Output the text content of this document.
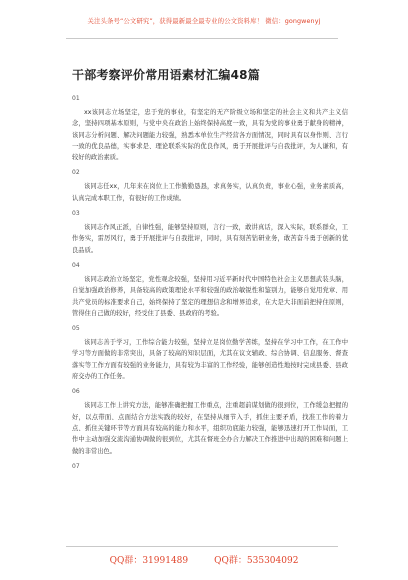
关注头条号“公文研究”，获得最新最全最专业的公文资料库！ 微信：gongwenyj
干部考察评价常用语素材汇编48篇
01

xx该同志立场坚定，忠于党的事业，有坚定的无产阶级立场和坚定的社会主义和共产主义信念，坚持四项基本原则，与党中央在政治上始终保持高度一致，具有为党的事业勇于献身的精神，该同志分析问题、解决问题能力较强，熟悉本单位生产经营各方面情况，同时具有以身作则、言行一致的优良品德，实事求是、理论联系实际的优良作风，勇于开展批评与自我批评，为人谦和，有较好的政治素质。

02

该同志任xx，几年来在岗位上工作勤勤恳恳，求真务实，认真负责，事业心强，业务素质高，认真完成本职工作，有很好的工作成绩。

03

该同志作风正派，自律性强，能够坚持原则，言行一致，敢讲真话，深入实际，联系群众，工作务实，雷厉风行，勇于开展批评与自我批评，同时，具有刻苦钻研业务，敢苦奋斗勇于创新的优良品质。

04

该同志政治立场坚定，党性观念较强，坚持用习近平新时代中国特色社会主义思想武装头脑，自觉加强政治修养，具备较高的政策理论水平和较强的政治敏锐性和鉴别力，能够自觉用党章、用共产党员的标准要求自己，始终保持了坚定的理想信念和增界追求，在大是大非面前把持住原则，管得住自己做的较好，经受住了县委、县政府的考验。

05

该同志善于学习，工作综合能力较强，坚持立足岗位勤学苦练，坚持在学习中工作，在工作中学习等方面做的非常突出，具备了较高的知识层面，尤其在议文辅政、综合协调、信息服务、督查落实等工作方面有较强的业务能力，具有较为丰富的工作经验，能够创造性地按时完成县委、县政府交办的工作任务。

06

该同志工作上讲究方法，能够准确把握工作重点，注重超前谋划做的很到位，工作缓急把握的好，以点带面、点面结合方法实践的较好，在坚持从细节入手，抓住主要矛盾，找准工作的着力点、抓住关键环节等方面具有较高的能力和水平，组织功底能力较强，能够迅速打开工作局面，工作中主动加强交流沟通协调做的很到位，尤其在督班全办合力解决工作推进中出现的困难和问题上做的非常出色。

07
QQ群：31991489	QQ群：535304092
